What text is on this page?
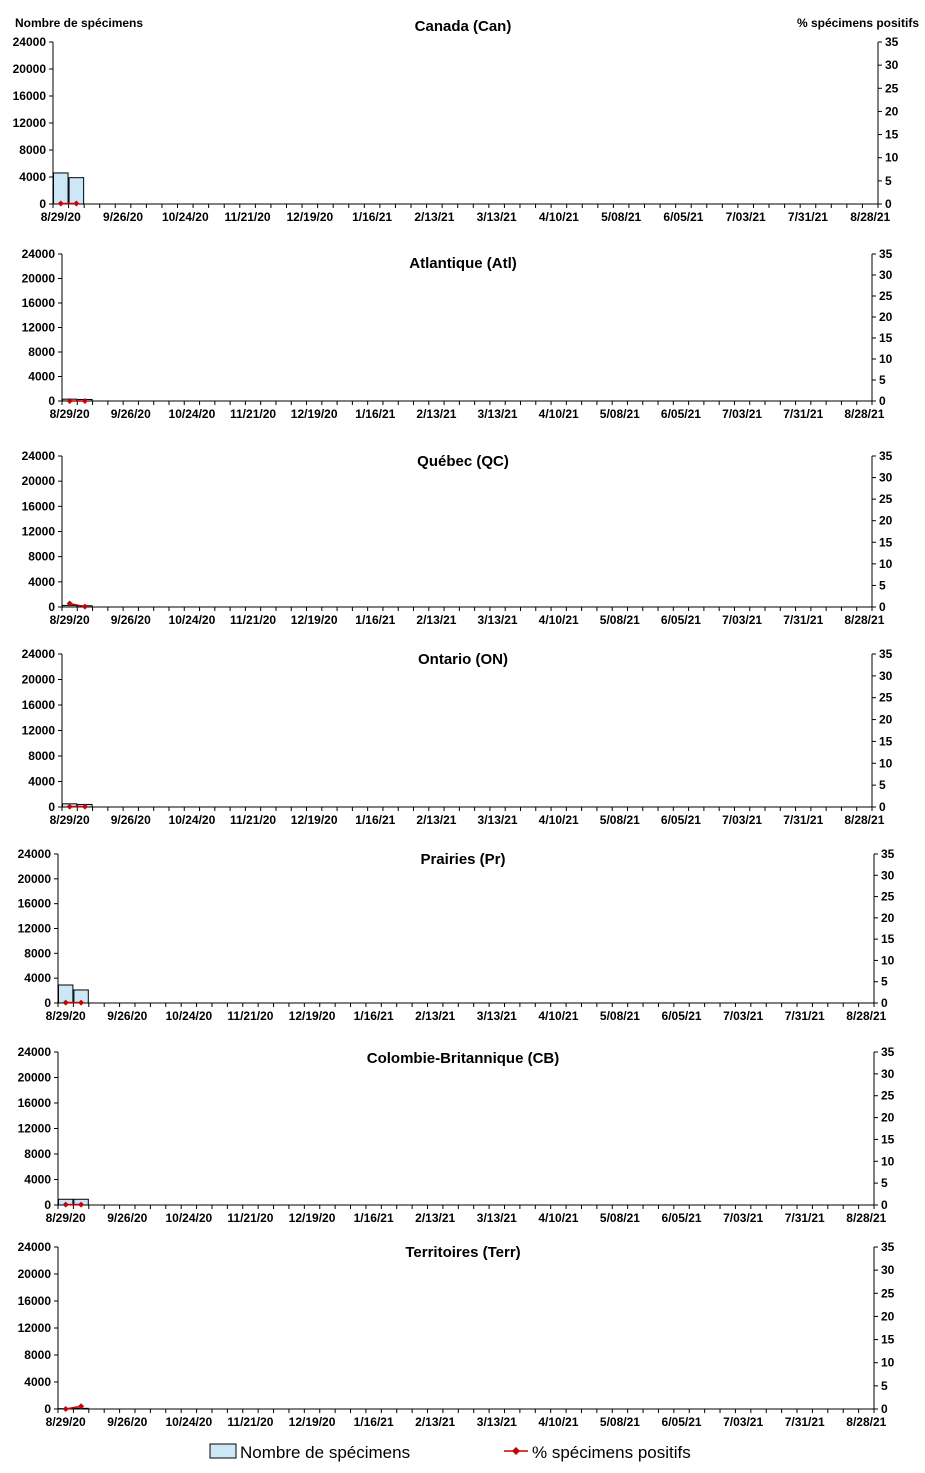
Nombre de spécimens	% spécimens positifs
Canada (Can)
0
4000
8000
12000
16000
20000
24000
0
5
10
15
20
25
30
35
8/29/20 9/26/20 10/24/20 11/21/20 12/19/20 1/16/21 2/13/21 3/13/21 4/10/21 5/08/21 6/05/21 7/03/21 7/31/21 8/28/21
Atlantique (Atl)
0
4000
8000
12000
16000
20000
24000
0
5
10
15
20
25
30
35
8/29/20 9/26/20 10/24/20 11/21/20 12/19/20 1/16/21 2/13/21 3/13/21 4/10/21 5/08/21 6/05/21 7/03/21 7/31/21 8/28/21
Québec (QC)
0
4000
8000
12000
16000
20000
24000
0
5
10
15
20
25
30
35
8/29/20 9/26/20 10/24/20 11/21/20 12/19/20 1/16/21 2/13/21 3/13/21 4/10/21 5/08/21 6/05/21 7/03/21 7/31/21 8/28/21
Ontario (ON)
0
4000
8000
12000
16000
20000
24000
0
5
10
15
20
25
30
35
8/29/20 9/26/20 10/24/20 11/21/20 12/19/20 1/16/21 2/13/21 3/13/21 4/10/21 5/08/21 6/05/21 7/03/21 7/31/21 8/28/21
Prairies (Pr)
0
4000
8000
12000
16000
20000
24000
0
5
10
15
20
25
30
35
8/29/20 9/26/20 10/24/20 11/21/20 12/19/20 1/16/21 2/13/21 3/13/21 4/10/21 5/08/21 6/05/21 7/03/21 7/31/21 8/28/21
Colombie-Britannique (CB)
0
4000
8000
12000
16000
20000
24000
0
5
10
15
20
25
30
35
8/29/20 9/26/20 10/24/20 11/21/20 12/19/20 1/16/21 2/13/21 3/13/21 4/10/21 5/08/21 6/05/21 7/03/21 7/31/21 8/28/21
Territoires (Terr)
0
4000
8000
12000
16000
20000
24000
0
5
10
15
20
25
30
35
8/29/20 9/26/20 10/24/20 11/21/20 12/19/20 1/16/21 2/13/21 3/13/21 4/10/21 5/08/21 6/05/21 7/03/21 7/31/21 8/28/21
Nombre de spécimens	% spécimens positifs
